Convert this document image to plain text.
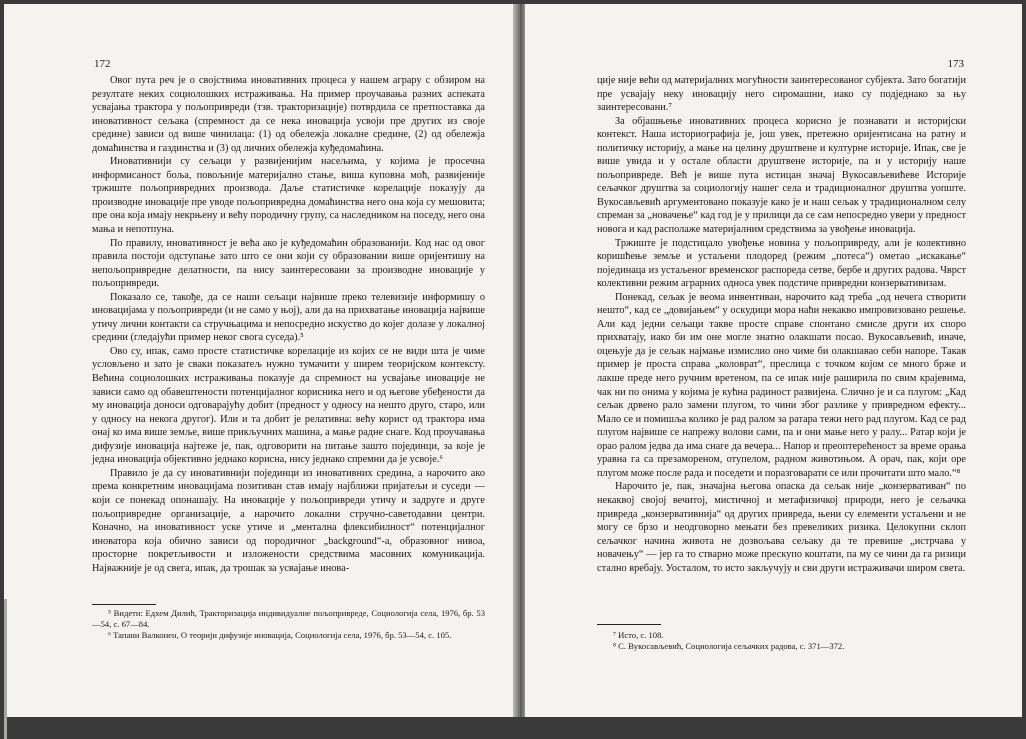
172

Овог пута реч је о својствима иновативних процеса у нашем аграру с обзиром на резултате неких социолошких истраживања. На пример проучавања разних аспеката усвајања трактора у пољопривреди (тзв. тракторизације) потврдила се претпоставка да иновативност сељака (спремност да се нека иновација усвоји пре других из своје средине) зависи од више чинилаца: (1) од обележја локалне средине, (2) од обележја домаћинства и газдинства и (3) од личних обележја куђедомаћина.

Иновативнији су сељаци у развијенијим насељима, у којима је просечна информисаност боља, повољније материјално стање, виша куповна моћ, развијеније тржиште пољопривредних производа. Даље статистичке корелације показују да производне иновације пре уводе пољопривредна домаћинства него она која су мешовита; пре она која имају некрњену и већу породичну групу, са наследником на поседу, него она мања и непотпуна.

По правилу, иновативност је већа ако је куђедомаћин образованији. Код нас од овог правила постоји одступање зато што се они који су образовании више оријентишу на непољопривредне делатности, па нису заинтересовани за производне иновације у пољопривреди.

Показало се, такође, да се наши сељаци највише преко телевизије информишу о иновацијама у пољопривреди (и не само у њој), али да на прихватање иновација највише утичу лични контакти са стручњацима и непосредно искуство до којег долазе у локалној средини (гледајући пример неког свога суседа).⁵

Ово су, ипак, само просте статистичке корелације из којих се не види шта је чиме условљено и зато је сваки показатељ нужно тумачити у ширем теоријском контексту. Већина социолошких истраживања показује да спремност на усвајање иновације не зависи само од обавештености потенцијалног корисника него и од његове убеђености да му иновација доноси одговарајућу добит (предност у односу на нешто друго, старо, или у односу на некога другог). Или и та добит је релативна: већу корист од трактора има онај ко има више земље, више прикључних машина, а мање радне снаге. Код проучавања дифузије иновација најтеже је, пак, одговорити на питање зашто појединци, за које је једна иновација објективно једнако корисна, нису једнако спремни да је усвоје.⁶

Правило је да су иновативнији појединци из иновативних средина, а нарочито ако према конкретним иновацијама позитиван став имају најближи пријатељи и суседи — који се понекад опонашају. На иновације у пољопривреди утичу и задруге и друге пољопривредне организације, а нарочито локални стручно-саветодавни центри. Коначно, на иновативност уске утиче и „ментална флексибилност“ потенцијалног иноватора која обично зависи од породичног „background“-а, образовног нивоа, просторне покретљивости и изложености средствима масовних комуникација. Најважније је од свега, ипак, да трошак за усвајање инова-

⁵ Видети: Едхем Дилић, Тракторизација индивидуалне пољопривреде, Социологија села, 1976, бр. 53—54, с. 67—84.

⁶ Тапани Валконен, О теорији дифузије иновација, Социологија села, 1976, бр. 53—54, с. 105.

173

ције није већи од материјалних могућности заинтересованог субјекта. Зато богатији пре усвајају неку иновацију него сиромашни, иако су подједнако за њу заинтересовани.⁷

За објашњење иновативних процеса корисно је познавати и историјски контекст. Наша историографија је, још увек, претежно оријентисана на ратну и политичку историју, а мање на целину друштвене и културне историје. Ипак, све је више увида и у остале области друштвене историје, па и у историју наше пољопривреде. Већ је више пута истицан значај Вукосављевићеве Историје сељачког друштва за социологију нашег села и традиционалног друштва уопште. Вукосављевић аргументовано показује како је и наш сељак у традиционалном селу спреман за „новачење“ кад год је у прилици да се сам непосредно увери у предност новога и кад располаже материјалним средствима за увођење иновација.

Тржиште је подстицало увођење новина у пољопривреду, али је колективно коришћење земље и устаљени плодоред (режим „потеса“) ометао „искакање“ појединаца из устаљеног временског распореда сетве, бербе и других радова. Чврст колективни режим аграрних односа увек подстиче привредни конзервативизам.

Понекад, сељак је веома инвентиван, нарочито кад треба „од нечега створити нешто“, кад се „довијањем“ у оскудици мора наћи некакво импровизовано решење. Али кад једни сељаци такве просте справе спонтано смисле други их споро прихватају, иако би им оне могле знатно олакшати посао. Вукосављевић, иначе, оцењује да је сељак најмање измислио оно чиме би олакшавао себи напоре. Такав пример је проста справа „коловрат“, преслица с точком којом се много брже и лакше преде него ручним вретеном, па се ипак није раширила по свим крајевима, чак ни по онима у којима је кућна радиност развијена. Слично је и са плугом: „Кад сељак дрвено рало замени плугом, то чини због разлике у привредном ефекту... Мало се и помишља колико је рад ралом за ратара тежи него рад плугом. Кад се рад плугом највише се напрежу волови сами, па и они мање него у ралу... Ратар који је орао ралом једва да има снаге да вечера... Напор и преоптерећеност за време орања уравна га са презамореном, отупелом, радном животињом. А орач, пак, који оре плугом може после рада и поседети и поразговарати се или прочитати што мало.“⁸

Нарочито је, пак, значајна његова опаска да сељак није „конзервативан“ по некаквој својој вечитој, мистичној и метафизичкој природи, него је сељачка привреда „конзервативнија“ од других привреда, њени су елементи устаљени и не могу се брзо и неодговорно мењати без превеликих ризика. Целокупни склоп сељачког начина живота не дозвољава сељаку да те превише „истрчава у новачењу“ — јер га то стварно може прескупо коштати, па му се чини да га ризици стално вребају. Уосталом, то исто закључују и сви други истраживачи широм света.

⁷ Исто, с. 108.

⁸ С. Вукосављевић, Социологија сељачких радова, с. 371—372.
